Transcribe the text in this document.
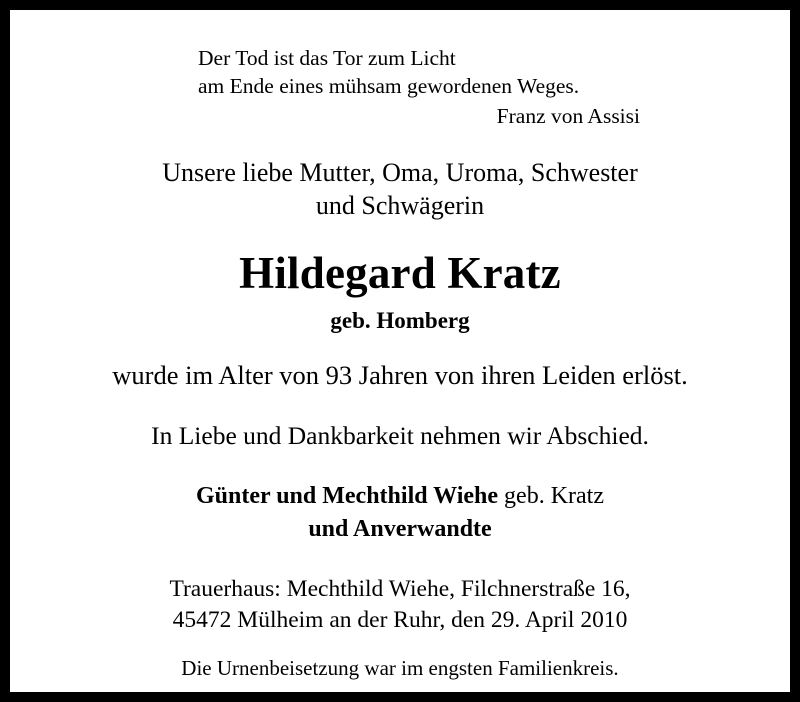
Der Tod ist das Tor zum Licht
am Ende eines mühsam gewordenen Weges.
Franz von Assisi
Unsere liebe Mutter, Oma, Uroma, Schwester
und Schwägerin
Hildegard Kratz
geb. Homberg
wurde im Alter von 93 Jahren von ihren Leiden erlöst.
In Liebe und Dankbarkeit nehmen wir Abschied.
Günter und Mechthild Wiehe geb. Kratz
und Anverwandte
Trauerhaus: Mechthild Wiehe, Filchnerstraße 16,
45472 Mülheim an der Ruhr, den 29. April 2010
Die Urnenbeisetzung war im engsten Familienkreis.
